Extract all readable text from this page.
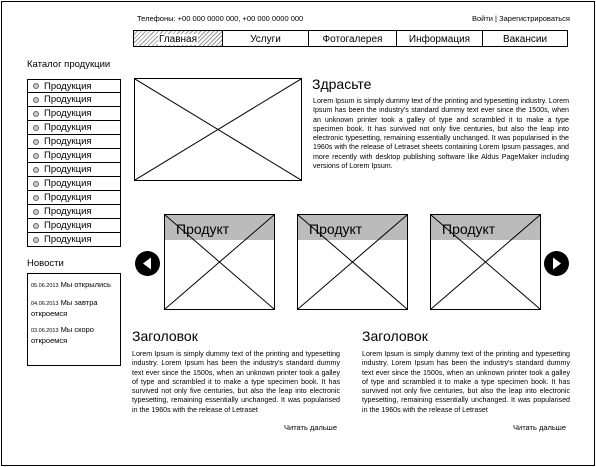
Телефоны: +00 000 0000 000, +00 000 0000 000	Войти | Зарегистрироваться
Главная	Услуги	Фотогалерея	Информация	Вакансии
Каталог продукции
Продукция
Продукция
Продукция
Продукция
Продукция
Продукция
Продукция
Продукция
Продукция
Продукция
Продукция
Продукция
Новости
05.06.2013 Мы открылись
04.06.2013 Мы завтра откроемся
03.06.2013 Мы скоро откроемся
Здрасьте
Lorem Ipsum is simply dummy text of the printing and typesetting industry. Lorem Ipsum has been the industry's standard dummy text ever since the 1500s, when an unknown printer took a galley of type and scrambled it to make a type specimen book. It has survived not only five centuries, but also the leap into electronic typesetting, remaining essentially unchanged. It was popularised in the 1960s with the release of Letraset sheets containing Lorem Ipsum passages, and more recently with desktop publishing software like Aldus PageMaker including versions of Lorem Ipsum.
Продукт	Продукт	Продукт
Заголовок
Lorem Ipsum is simply dummy text of the printing and typesetting industry. Lorem Ipsum has been the industry's standard dummy text ever since the 1500s, when an unknown printer took a galley of type and scrambled it to make a type specimen book. It has survived not only five centuries, but also the leap into electronic typesetting, remaining essentially unchanged. It was popularised in the 1960s with the release of Letraset
Читать дальше
Заголовок
Lorem Ipsum is simply dummy text of the printing and typesetting industry. Lorem Ipsum has been the industry's standard dummy text ever since the 1500s, when an unknown printer took a galley of type and scrambled it to make a type specimen book. It has survived not only five centuries, but also the leap into electronic typesetting, remaining essentially unchanged. It was popularised in the 1960s with the release of Letraset
Читать дальше
